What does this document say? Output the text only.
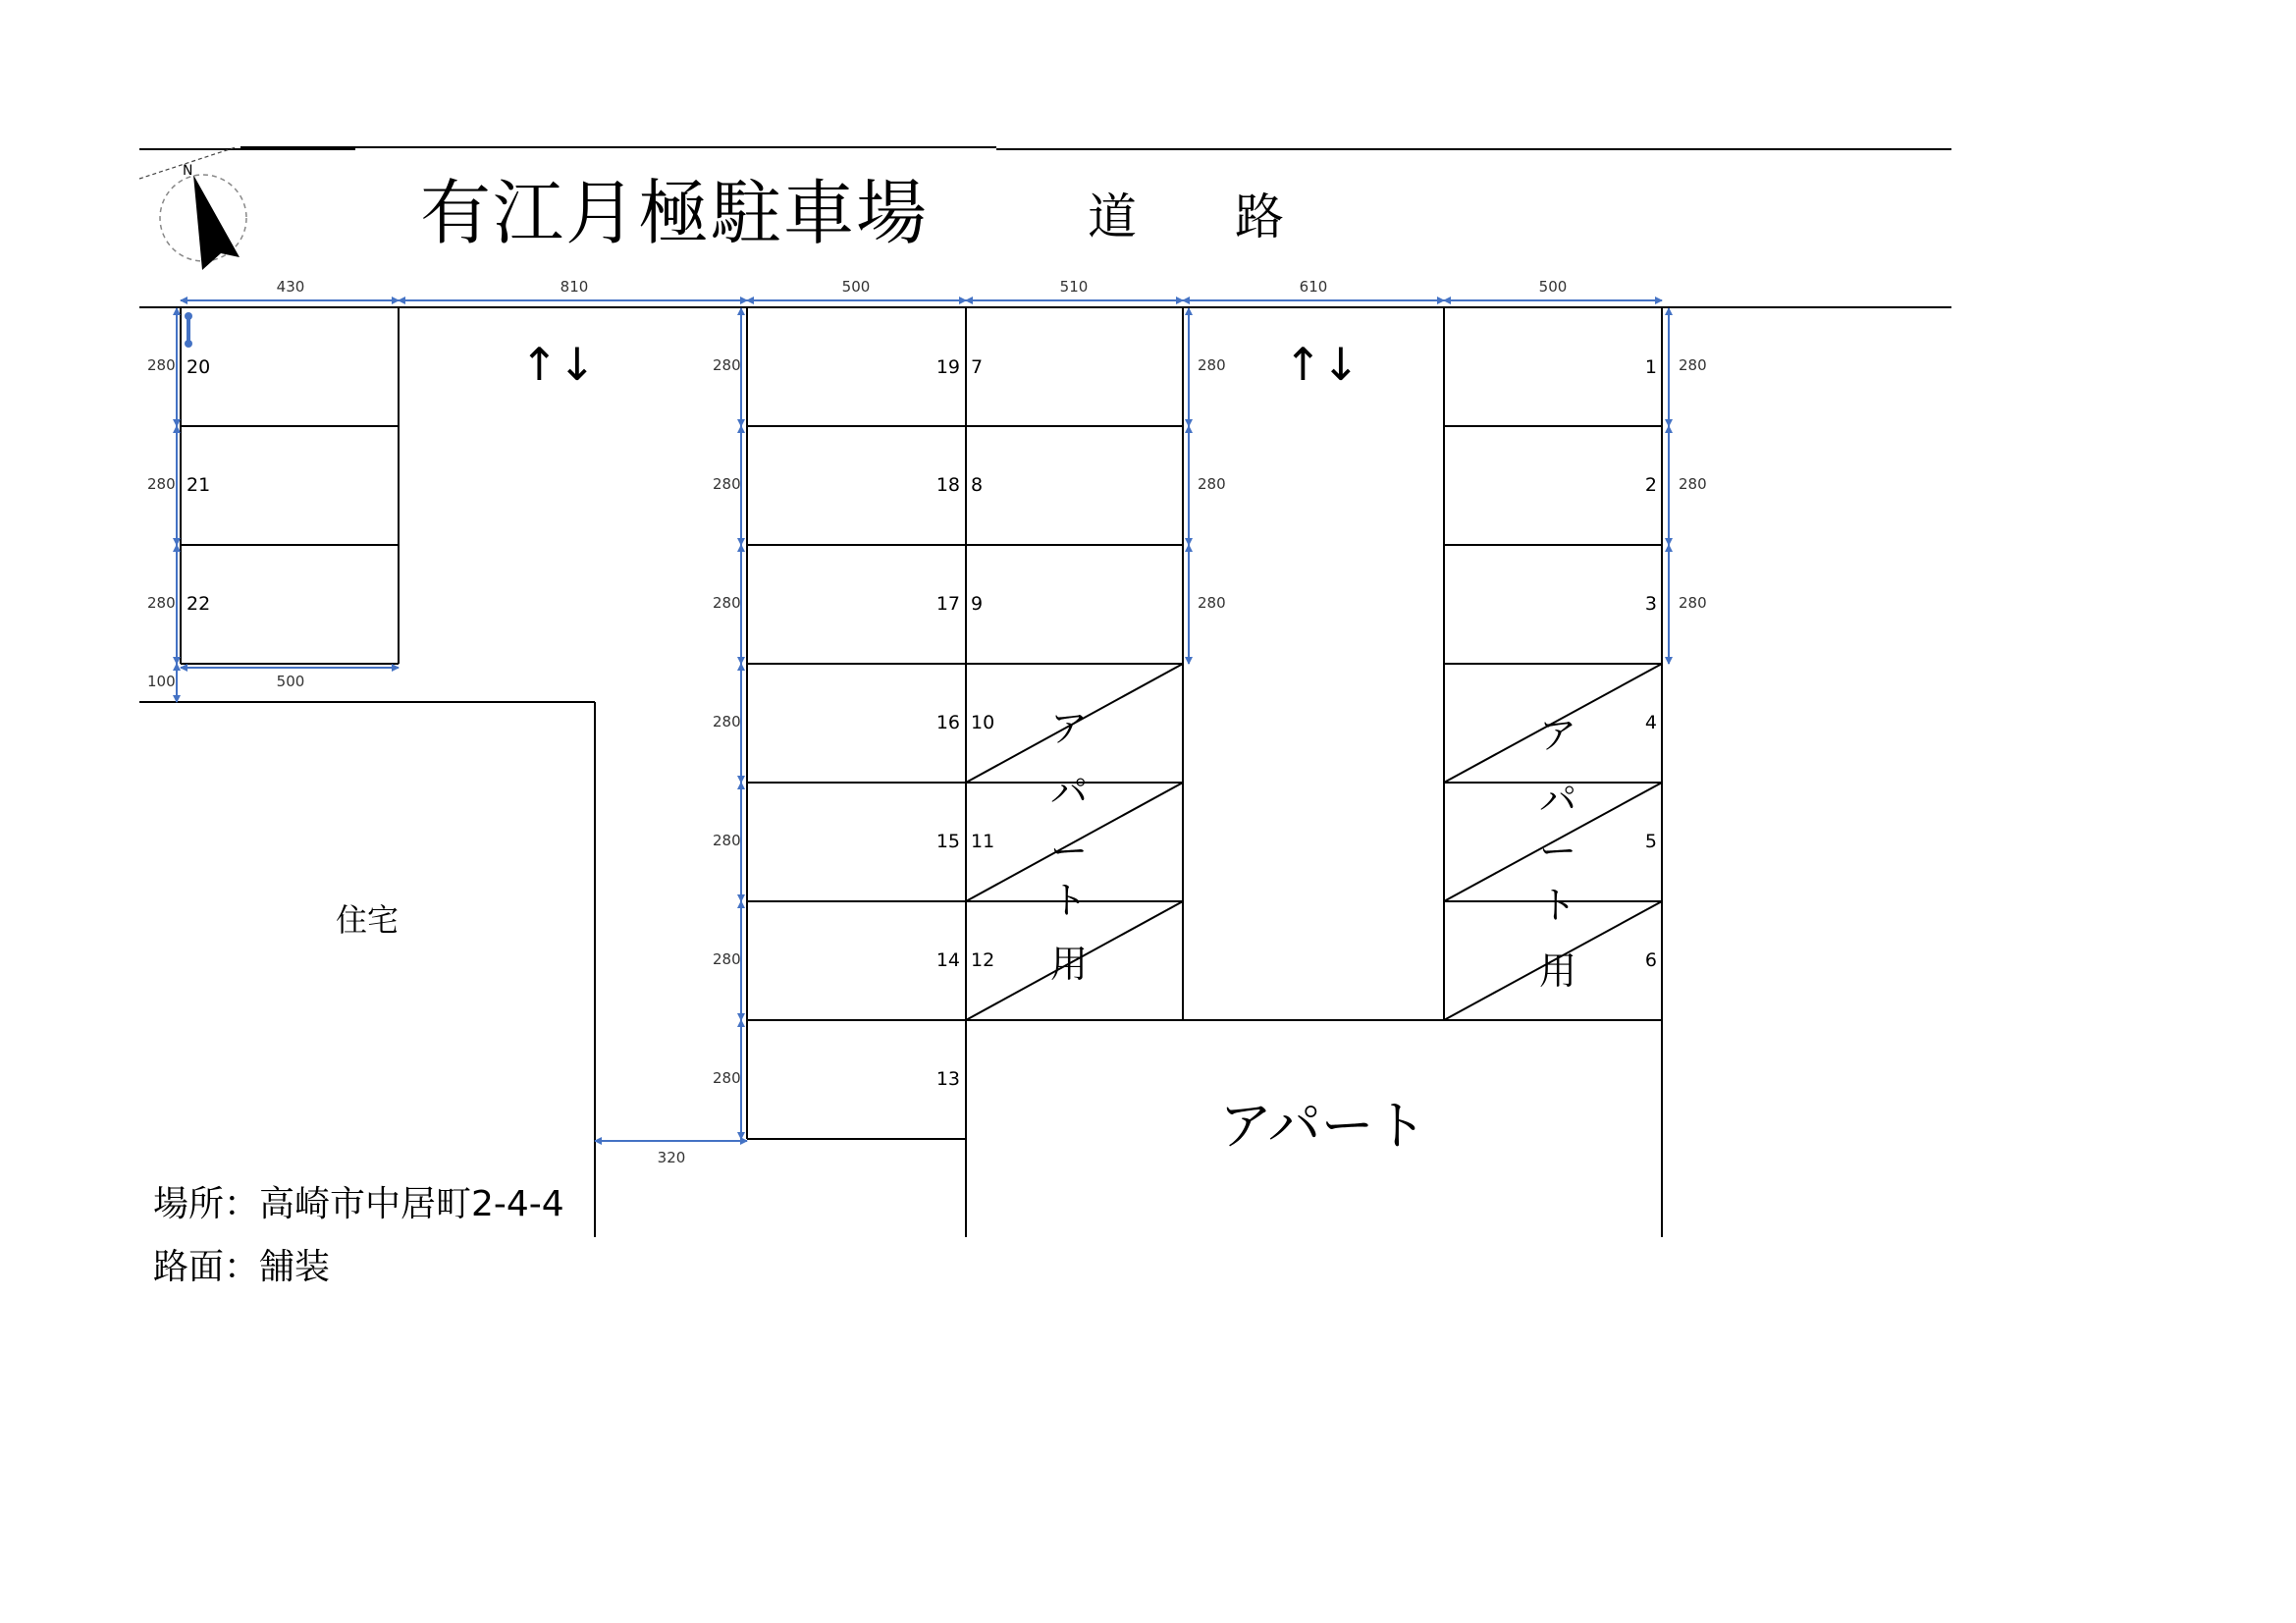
N
有江月極駐車場	道　　路
住宅
アパート
↑↓	↑↓
ア
パ
ー
ト
用
ア
パ
ー
ト
用
20
21
22
19
18
17
16
15
14
13
7
8
9
10
11
12
1
2
3
4
5
6
430	810	500	510	610	500
280
280
280
100	500
280
280
280
280
280
280
280
320
280
280
280
280
280
280
場所：高崎市中居町2-4-4
路面：舗装
